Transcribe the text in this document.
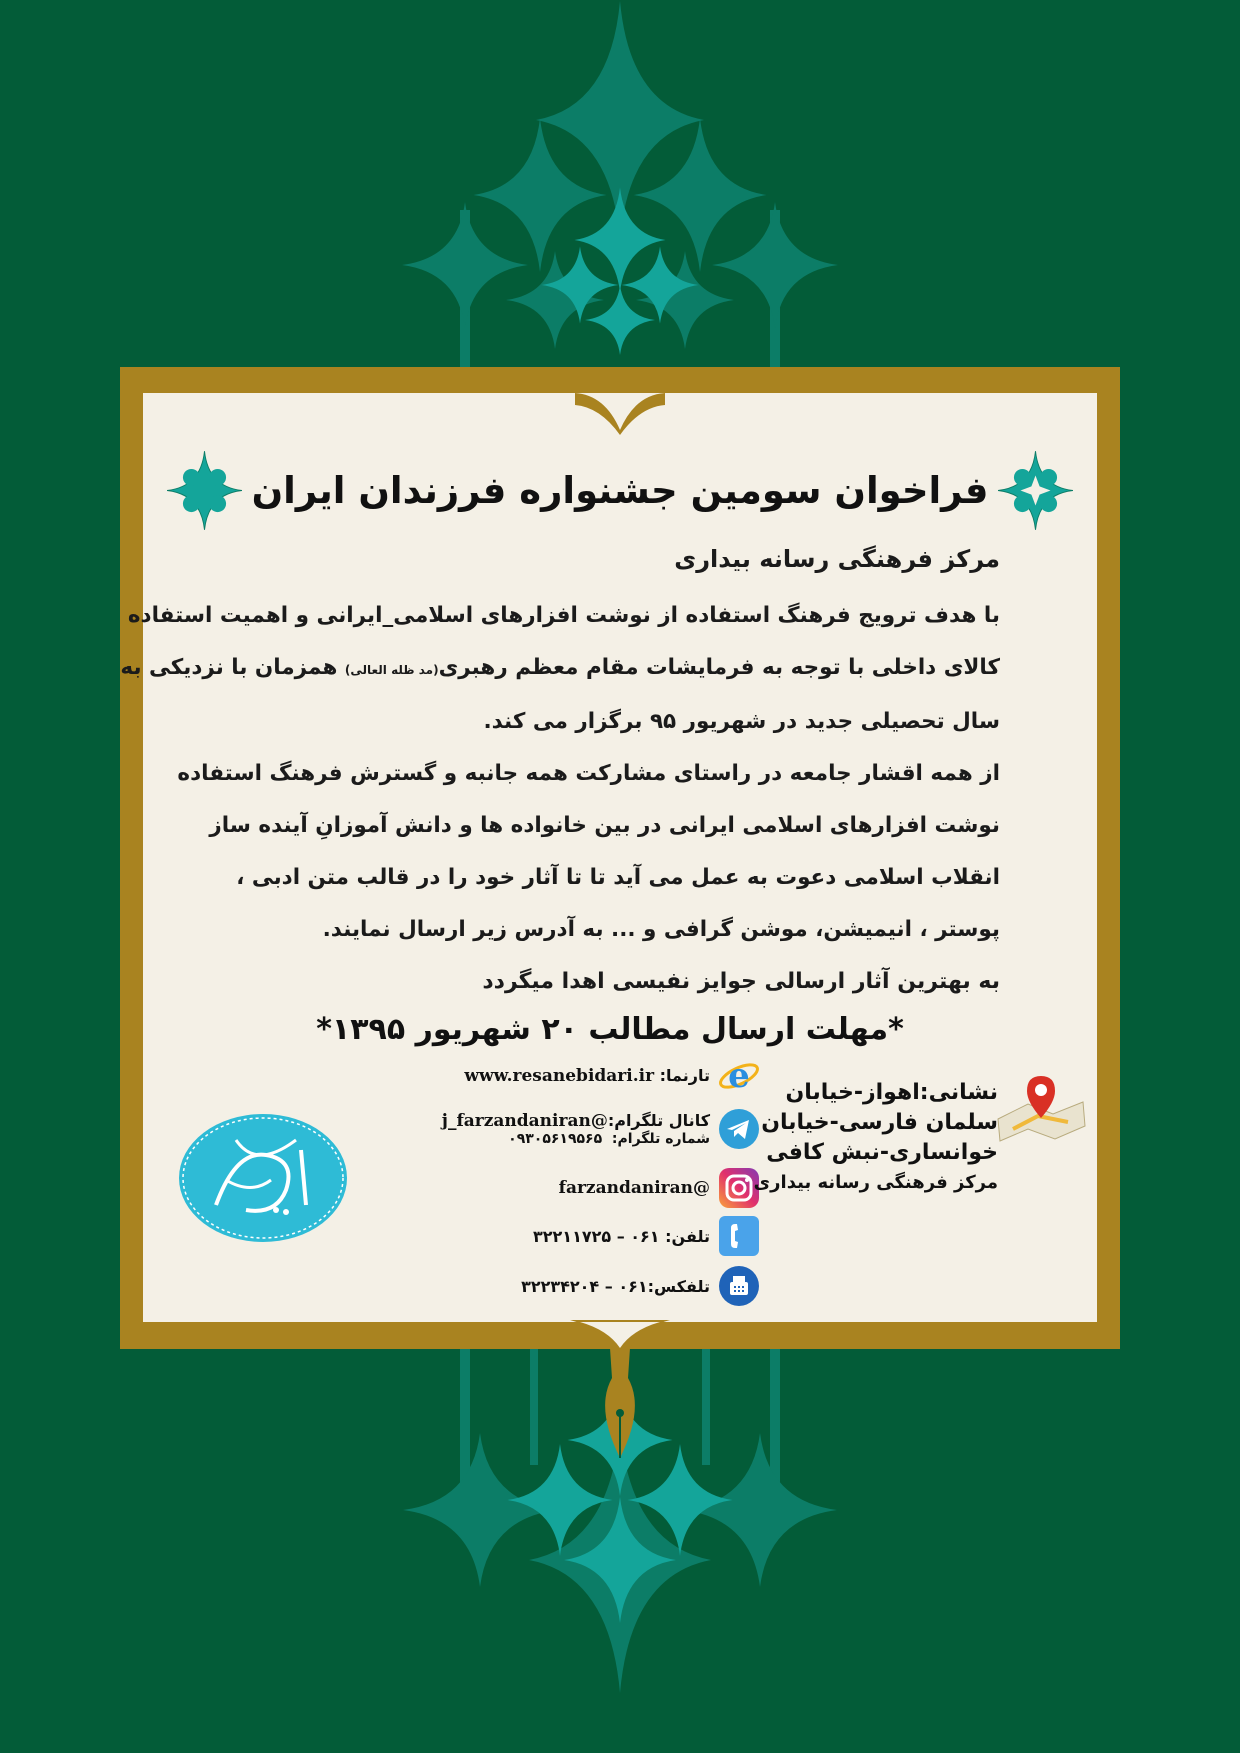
فراخوان سومین جشنواره فرزندان ایران

مرکز فرهنگی رسانه بیداری

با هدف ترویج فرهنگ استفاده از نوشت افزارهای اسلامی_ایرانی و اهمیت استفاده

کالای داخلی با توجه به فرمایشات مقام معظم رهبری(مد ظله العالی) همزمان با نزدیکی به

سال تحصیلی جدید در شهریور ۹۵ برگزار می کند.

از همه اقشار جامعه در راستای مشارکت همه جانبه و گسترش فرهنگ استفاده

نوشت افزارهای اسلامی ایرانی در بین خانواده ها و دانش آموزانِ آینده ساز

انقلاب اسلامی دعوت به عمل می آید تا تا آثار خود را در قالب متن ادبی ،

پوستر ، انیمیشن، موشن گرافی و ... به آدرس زیر ارسال نمایند.

به بهترین آثار ارسالی جوایز نفیسی اهدا میگردد

*مهلت ارسال مطالب ۲۰ شهریور ۱۳۹۵*
e
تارنما: www.resanebidari.ir
کانال تلگرام:@j_farzandaniran
شماره تلگرام:  ۰۹۳۰۵۶۱۹۵۶۵
@farzandaniran
تلفن: ۰۶۱ – ۳۲۲۱۱۷۲۵
تلفکس:۰۶۱ – ۳۲۲۳۴۲۰۴

نشانی:اهواز-خیابان

سلمان فارسی-خیابان

خوانساری-نبش کافی

مرکز فرهنگی رسانه بیداری
